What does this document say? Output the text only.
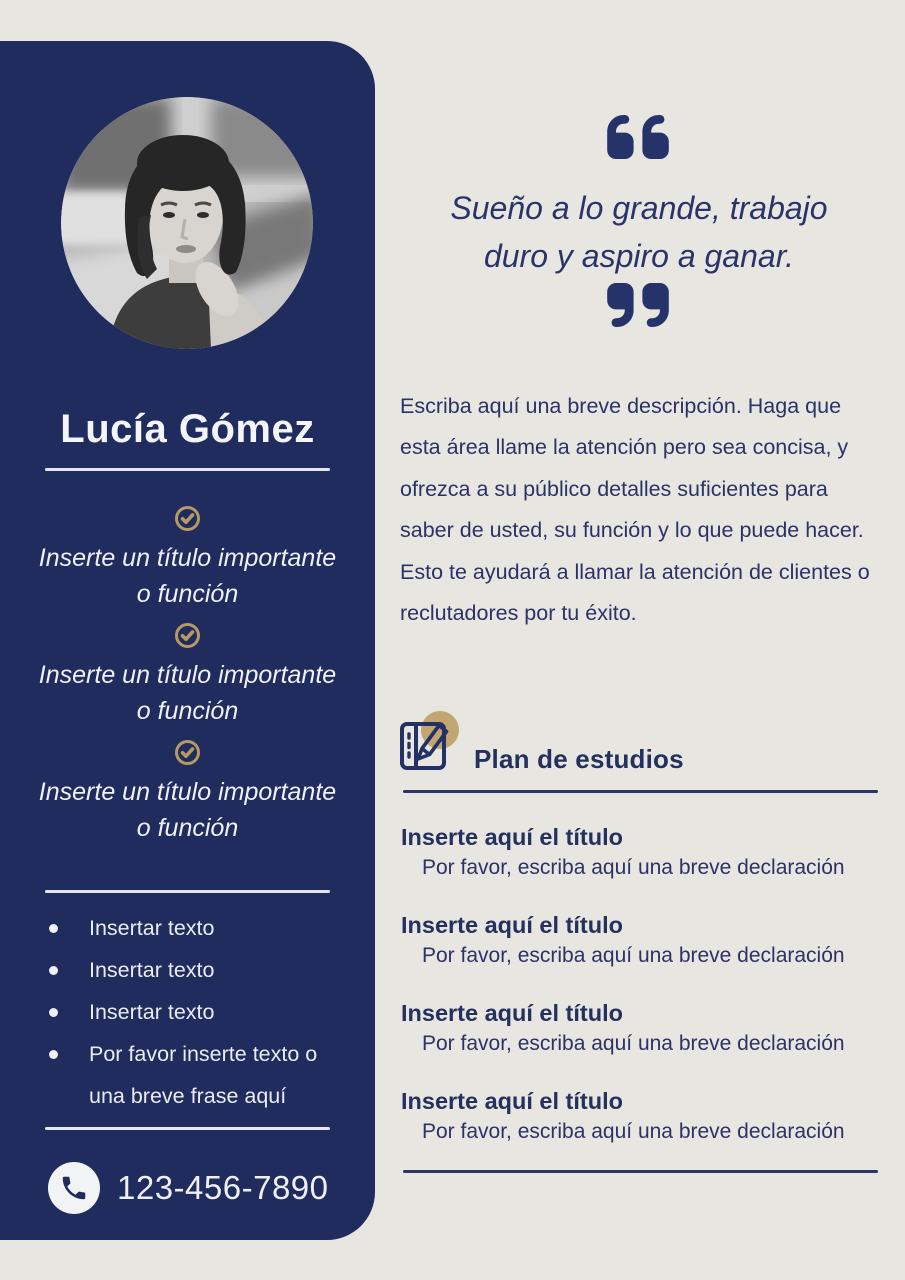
Lucía Gómez

Inserte un título importante
o función

Inserte un título importante
o función

Inserte un título importante
o función

Insertar texto
Insertar texto
Insertar texto
Por favor inserte texto o una breve frase aquí
123-456-7890
Sueño a lo grande, trabajo
duro y aspiro a ganar.

Escriba aquí una breve descripción. Haga que esta área llame la atención pero sea concisa, y ofrezca a su público detalles suficientes para saber de usted, su función y lo que puede hacer. Esto te ayudará a llamar la atención de clientes o reclutadores por tu éxito.

Plan de estudios
Inserte aquí el título

Por favor, escriba aquí una breve declaración

Inserte aquí el título

Por favor, escriba aquí una breve declaración

Inserte aquí el título

Por favor, escriba aquí una breve declaración

Inserte aquí el título

Por favor, escriba aquí una breve declaración
